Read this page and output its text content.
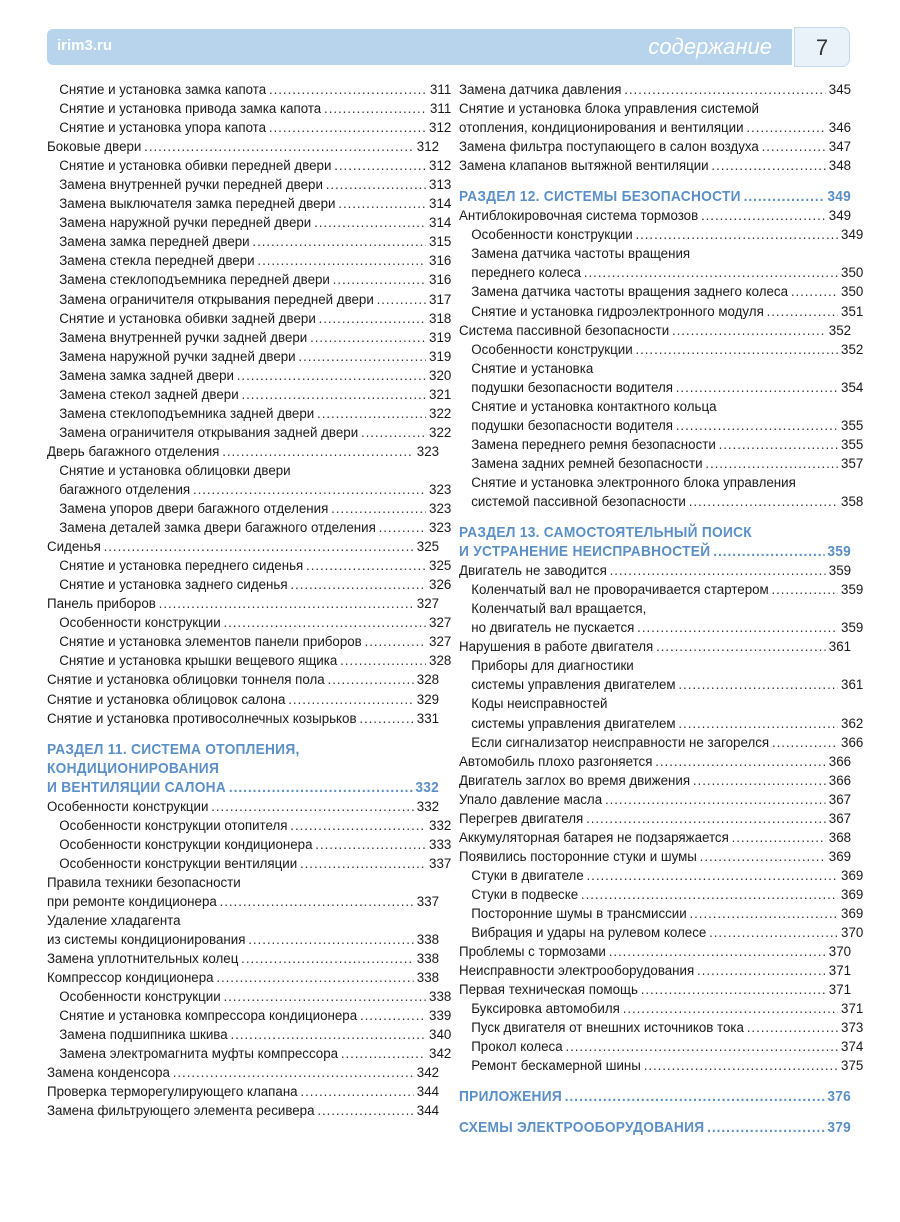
irim3.ru	содержание	7
Снятие и установка замка капота .....	311
Снятие и установка привода замка капота .....	311
Снятие и установка упора капота .....	312
Боковые двери .....	312
Снятие и установка обивки передней двери .....	312
Замена внутренней ручки передней двери .....	313
Замена выключателя замка передней двери .....	314
Замена наружной ручки передней двери .....	314
Замена замка передней двери .....	315
Замена стекла передней двери .....	316
Замена стеклоподъемника передней двери .....	316
Замена ограничителя открывания передней двери .....	317
Снятие и установка обивки задней двери .....	318
Замена внутренней ручки задней двери .....	319
Замена наружной ручки задней двери .....	319
Замена замка задней двери .....	320
Замена стекол задней двери .....	321
Замена стеклоподъемника задней двери .....	322
Замена ограничителя открывания задней двери .....	322
Дверь багажного отделения .....	323
Снятие и установка облицовки двери
багажного отделения .....	323
Замена упоров двери багажного отделения .....	323
Замена деталей замка двери багажного отделения .....	323
Сиденья .....	325
Снятие и установка переднего сиденья .....	325
Снятие и установка заднего сиденья .....	326
Панель приборов .....	327
Особенности конструкции .....	327
Снятие и установка элементов панели приборов .....	327
Снятие и установка крышки вещевого ящика .....	328
Снятие и установка облицовки тоннеля пола .....	328
Снятие и установка облицовок салона .....	329
Снятие и установка противосолнечных козырьков .....	331
РАЗДЕЛ 11. СИСТЕМА ОТОПЛЕНИЯ,
КОНДИЦИОНИРОВАНИЯ
И ВЕНТИЛЯЦИИ САЛОНА .....	332
Особенности конструкции .....	332
Особенности конструкции отопителя .....	332
Особенности конструкции кондиционера .....	333
Особенности конструкции вентиляции .....	337
Правила техники безопасности
при ремонте кондиционера .....	337
Удаление хладагента
из системы кондиционирования .....	338
Замена уплотнительных колец .....	338
Компрессор кондиционера .....	338
Особенности конструкции .....	338
Снятие и установка компрессора кондиционера .....	339
Замена подшипника шкива .....	340
Замена электромагнита муфты компрессора .....	342
Замена конденсора .....	342
Проверка терморегулирующего клапана .....	344
Замена фильтрующего элемента ресивера .....	344
Замена датчика давления .....	345
Снятие и установка блока управления системой
отопления, кондиционирования и вентиляции .....	346
Замена фильтра поступающего в салон воздуха .....	347
Замена клапанов вытяжной вентиляции .....	348
РАЗДЕЛ 12. СИСТЕМЫ БЕЗОПАСНОСТИ .....	349
Антиблокировочная система тормозов .....	349
Особенности конструкции .....	349
Замена датчика частоты вращения
переднего колеса .....	350
Замена датчика частоты вращения заднего колеса .....	350
Снятие и установка гидроэлектронного модуля .....	351
Система пассивной безопасности .....	352
Особенности конструкции .....	352
Снятие и установка
подушки безопасности водителя .....	354
Снятие и установка контактного кольца
подушки безопасности водителя .....	355
Замена переднего ремня безопасности .....	355
Замена задних ремней безопасности .....	357
Снятие и установка электронного блока управления
системой пассивной безопасности .....	358
РАЗДЕЛ 13. САМОСТОЯТЕЛЬНЫЙ ПОИСК
И УСТРАНЕНИЕ НЕИСПРАВНОСТЕЙ .....	359
Двигатель не заводится .....	359
Коленчатый вал не проворачивается стартером .....	359
Коленчатый вал вращается,
но двигатель не пускается .....	359
Нарушения в работе двигателя .....	361
Приборы для диагностики
системы управления двигателем .....	361
Коды неисправностей
системы управления двигателем .....	362
Если сигнализатор неисправности не загорелся .....	366
Автомобиль плохо разгоняется .....	366
Двигатель заглох во время движения .....	366
Упало давление масла .....	367
Перегрев двигателя .....	367
Аккумуляторная батарея не подзаряжается .....	368
Появились посторонние стуки и шумы .....	369
Стуки в двигателе .....	369
Стуки в подвеске .....	369
Посторонние шумы в трансмиссии .....	369
Вибрация и удары на рулевом колесе .....	370
Проблемы с тормозами .....	370
Неисправности электрооборудования .....	371
Первая техническая помощь .....	371
Буксировка автомобиля .....	371
Пуск двигателя от внешних источников тока .....	373
Прокол колеса .....	374
Ремонт бескамерной шины .....	375
ПРИЛОЖЕНИЯ .....	376
СХЕМЫ ЭЛЕКТРООБОРУДОВАНИЯ .....	379
